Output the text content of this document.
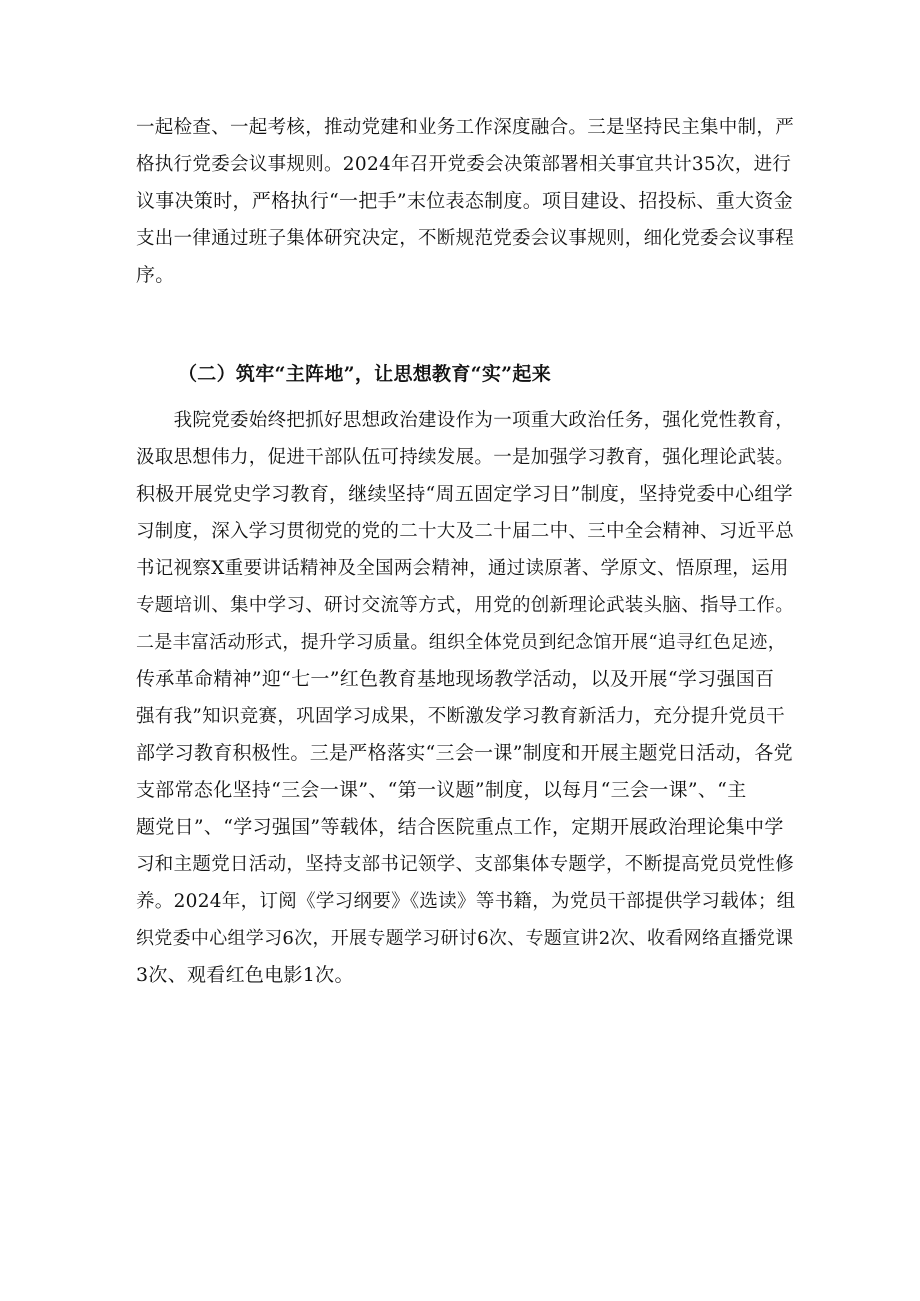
一起检查、一起考核，推动党建和业务工作深度融合。三是坚持民主集中制，严
格执行党委会议事规则。2024年召开党委会决策部署相关事宜共计35次，进行
议事决策时，严格执行“一把手”末位表态制度。项目建设、招投标、重大资金
支出一律通过班子集体研究决定，不断规范党委会议事规则，细化党委会议事程
序。
（二）筑牢“主阵地”，让思想教育“实”起来
　　我院党委始终把抓好思想政治建设作为一项重大政治任务，强化党性教育，
汲取思想伟力，促进干部队伍可持续发展。一是加强学习教育，强化理论武装。
积极开展党史学习教育，继续坚持“周五固定学习日”制度，坚持党委中心组学
习制度，深入学习贯彻党的党的二十大及二十届二中、三中全会精神、习近平总
书记视察X重要讲话精神及全国两会精神，通过读原著、学原文、悟原理，运用
专题培训、集中学习、研讨交流等方式，用党的创新理论武装头脑、指导工作。
二是丰富活动形式，提升学习质量。组织全体党员到纪念馆开展“追寻红色足迹，
传承革命精神”迎“七一”红色教育基地现场教学活动，以及开展“学习强国百
强有我”知识竞赛，巩固学习成果，不断激发学习教育新活力，充分提升党员干
部学习教育积极性。三是严格落实“三会一课”制度和开展主题党日活动，各党
支部常态化坚持“三会一课”、“第一议题”制度，以每月“三会一课”、“主
题党日”、“学习强国”等载体，结合医院重点工作，定期开展政治理论集中学
习和主题党日活动，坚持支部书记领学、支部集体专题学，不断提高党员党性修
养。2024年，订阅《学习纲要》《选读》等书籍，为党员干部提供学习载体；组
织党委中心组学习6次，开展专题学习研讨6次、专题宣讲2次、收看网络直播党课
3次、观看红色电影1次。
